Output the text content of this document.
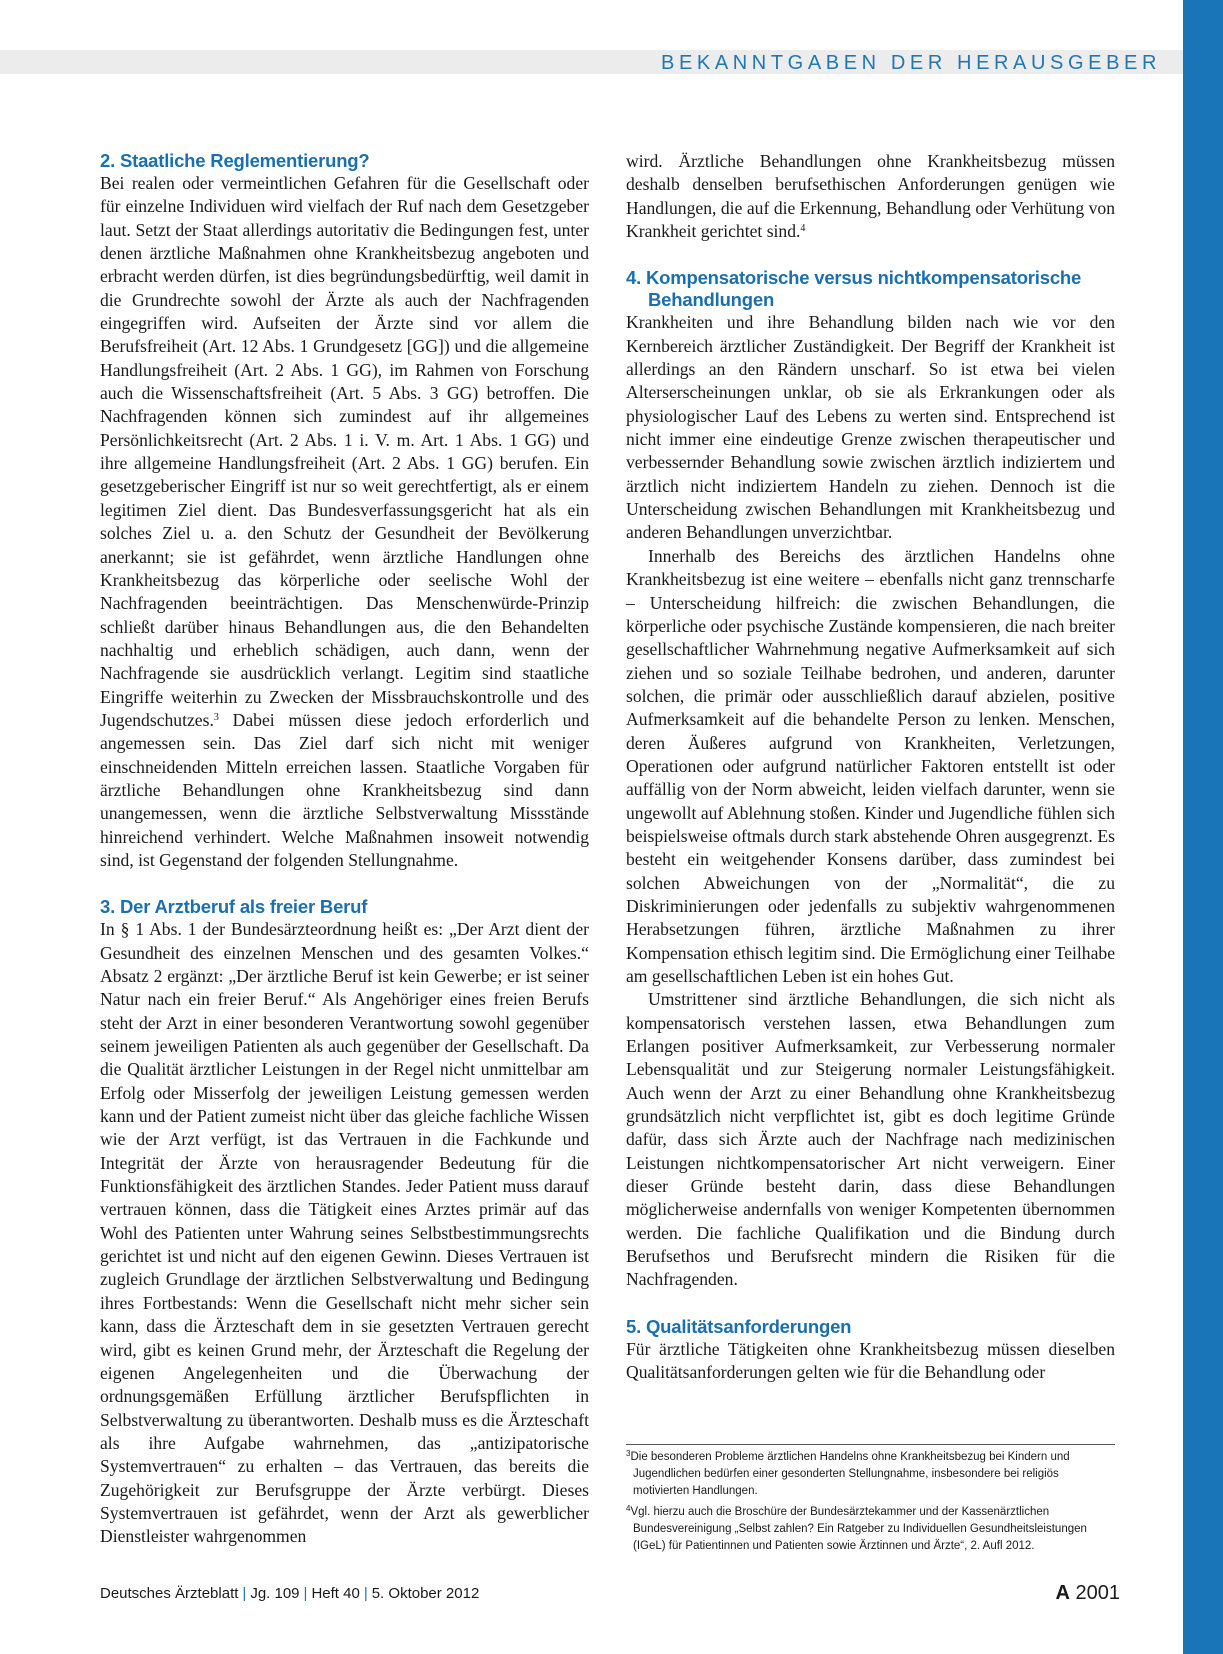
BEKANNTGABEN DER HERAUSGEBER
2. Staatliche Reglementierung?

Bei realen oder vermeintlichen Gefahren für die Gesellschaft oder für einzelne Individuen wird vielfach der Ruf nach dem Gesetzgeber laut. Setzt der Staat allerdings autoritativ die Bedingungen fest, unter denen ärztliche Maßnahmen ohne Krankheitsbezug angeboten und erbracht werden dürfen, ist dies begründungsbedürftig, weil damit in die Grundrechte sowohl der Ärzte als auch der Nachfragenden eingegriffen wird. Aufseiten der Ärzte sind vor allem die Berufsfreiheit (Art. 12 Abs. 1 Grundgesetz [GG]) und die allgemeine Handlungsfreiheit (Art. 2 Abs. 1 GG), im Rahmen von Forschung auch die Wissenschaftsfreiheit (Art. 5 Abs. 3 GG) betroffen. Die Nachfragenden können sich zumindest auf ihr allgemeines Persönlichkeitsrecht (Art. 2 Abs. 1 i. V. m. Art. 1 Abs. 1 GG) und ihre allgemeine Handlungsfreiheit (Art. 2 Abs. 1 GG) berufen. Ein gesetzgeberischer Eingriff ist nur so weit gerechtfertigt, als er einem legitimen Ziel dient. Das Bundesverfassungsgericht hat als ein solches Ziel u. a. den Schutz der Gesundheit der Bevölkerung anerkannt; sie ist gefährdet, wenn ärztliche Handlungen ohne Krankheitsbezug das körperliche oder seelische Wohl der Nachfragenden beeinträchtigen. Das Menschenwürde-Prinzip schließt darüber hinaus Behandlungen aus, die den Behandelten nachhaltig und erheblich schädigen, auch dann, wenn der Nachfragende sie ausdrücklich verlangt. Legitim sind staatliche Eingriffe weiterhin zu Zwecken der Missbrauchskontrolle und des Jugendschutzes.$^3$ Dabei müssen diese jedoch erforderlich und angemessen sein. Das Ziel darf sich nicht mit weniger einschneidenden Mitteln erreichen lassen. Staatliche Vorgaben für ärztliche Behandlungen ohne Krankheitsbezug sind dann unangemessen, wenn die ärztliche Selbstverwaltung Missstände hinreichend verhindert. Welche Maßnahmen insoweit notwendig sind, ist Gegenstand der folgenden Stellungnahme.

3. Der Arztberuf als freier Beruf

In § 1 Abs. 1 der Bundesärzteordnung heißt es: „Der Arzt dient der Gesundheit des einzelnen Menschen und des gesamten Volkes.“ Absatz 2 ergänzt: „Der ärztliche Beruf ist kein Gewerbe; er ist seiner Natur nach ein freier Beruf.“ Als Angehöriger eines freien Berufs steht der Arzt in einer besonderen Verantwortung sowohl gegenüber seinem jeweiligen Patienten als auch gegenüber der Gesellschaft. Da die Qualität ärztlicher Leistungen in der Regel nicht unmittelbar am Erfolg oder Misserfolg der jeweiligen Leistung gemessen werden kann und der Patient zumeist nicht über das gleiche fachliche Wissen wie der Arzt verfügt, ist das Vertrauen in die Fachkunde und Integrität der Ärzte von herausragender Bedeutung für die Funktionsfähigkeit des ärztlichen Standes. Jeder Patient muss darauf vertrauen können, dass die Tätigkeit eines Arztes primär auf das Wohl des Patienten unter Wahrung seines Selbstbestimmungsrechts gerichtet ist und nicht auf den eigenen Gewinn. Dieses Vertrauen ist zugleich Grundlage der ärztlichen Selbstverwaltung und Bedingung ihres Fortbestands: Wenn die Gesellschaft nicht mehr sicher sein kann, dass die Ärzteschaft dem in sie gesetzten Vertrauen gerecht wird, gibt es keinen Grund mehr, der Ärzteschaft die Regelung der eigenen Angelegenheiten und die Überwachung der ordnungsgemäßen Erfüllung ärztlicher Berufspflichten in Selbstverwaltung zu überantworten. Deshalb muss es die Ärzteschaft als ihre Aufgabe wahrnehmen, das „antizipatorische Systemvertrauen“ zu erhalten – das Vertrauen, das bereits die Zugehörigkeit zur Berufsgruppe der Ärzte verbürgt. Dieses Systemvertrauen ist gefährdet, wenn der Arzt als gewerblicher Dienstleister wahrgenommen

wird. Ärztliche Behandlungen ohne Krankheitsbezug müssen deshalb denselben berufsethischen Anforderungen genügen wie Handlungen, die auf die Erkennung, Behandlung oder Verhütung von Krankheit gerichtet sind.$^4$

4. Kompensatorische versus nichtkompensatorische
Behandlungen

Krankheiten und ihre Behandlung bilden nach wie vor den Kernbereich ärztlicher Zuständigkeit. Der Begriff der Krankheit ist allerdings an den Rändern unscharf. So ist etwa bei vielen Alterserscheinungen unklar, ob sie als Erkrankungen oder als physiologischer Lauf des Lebens zu werten sind. Entsprechend ist nicht immer eine eindeutige Grenze zwischen therapeutischer und verbessernder Behandlung sowie zwischen ärztlich indiziertem und ärztlich nicht indiziertem Handeln zu ziehen. Dennoch ist die Unterscheidung zwischen Behandlungen mit Krankheitsbezug und anderen Behandlungen unverzichtbar.

Innerhalb des Bereichs des ärztlichen Handelns ohne Krankheitsbezug ist eine weitere – ebenfalls nicht ganz trennscharfe – Unterscheidung hilfreich: die zwischen Behandlungen, die körperliche oder psychische Zustände kompensieren, die nach breiter gesellschaftlicher Wahrnehmung negative Aufmerksamkeit auf sich ziehen und so soziale Teilhabe bedrohen, und anderen, darunter solchen, die primär oder ausschließlich darauf abzielen, positive Aufmerksamkeit auf die behandelte Person zu lenken. Menschen, deren Äußeres aufgrund von Krankheiten, Verletzungen, Operationen oder aufgrund natürlicher Faktoren entstellt ist oder auffällig von der Norm abweicht, leiden vielfach darunter, wenn sie ungewollt auf Ablehnung stoßen. Kinder und Jugendliche fühlen sich beispielsweise oftmals durch stark abstehende Ohren ausgegrenzt. Es besteht ein weitgehender Konsens darüber, dass zumindest bei solchen Abweichungen von der „Normalität“, die zu Diskriminierungen oder jedenfalls zu subjektiv wahrgenommenen Herabsetzungen führen, ärztliche Maßnahmen zu ihrer Kompensation ethisch legitim sind. Die Ermöglichung einer Teilhabe am gesellschaftlichen Leben ist ein hohes Gut.

Umstrittener sind ärztliche Behandlungen, die sich nicht als kompensatorisch verstehen lassen, etwa Behandlungen zum Erlangen positiver Aufmerksamkeit, zur Verbesserung normaler Lebensqualität und zur Steigerung normaler Leistungsfähigkeit. Auch wenn der Arzt zu einer Behandlung ohne Krankheitsbezug grundsätzlich nicht verpflichtet ist, gibt es doch legitime Gründe dafür, dass sich Ärzte auch der Nachfrage nach medizinischen Leistungen nichtkompensatorischer Art nicht verweigern. Einer dieser Gründe besteht darin, dass diese Behandlungen möglicherweise andernfalls von weniger Kompetenten übernommen werden. Die fachliche Qualifikation und die Bindung durch Berufsethos und Berufsrecht mindern die Risiken für die Nachfragenden.

5. Qualitätsanforderungen

Für ärztliche Tätigkeiten ohne Krankheitsbezug müssen dieselben Qualitätsanforderungen gelten wie für die Behandlung oder

$^3$Die besonderen Probleme ärztlichen Handelns ohne Krankheitsbezug bei Kindern und Jugendlichen bedürfen einer gesonderten Stellungnahme, insbesondere bei religiös motivierten Handlungen.
$^4$Vgl. hierzu auch die Broschüre der Bundesärztekammer und der Kassenärztlichen Bundesvereinigung „Selbst zahlen? Ein Ratgeber zu Individuellen Gesundheitsleistungen (IGeL) für Patientinnen und Patienten sowie Ärztinnen und Ärzte“, 2. Aufl 2012.
Deutsches Ärzteblatt | Jg. 109 | Heft 40 | 5. Oktober 2012	A 2001
